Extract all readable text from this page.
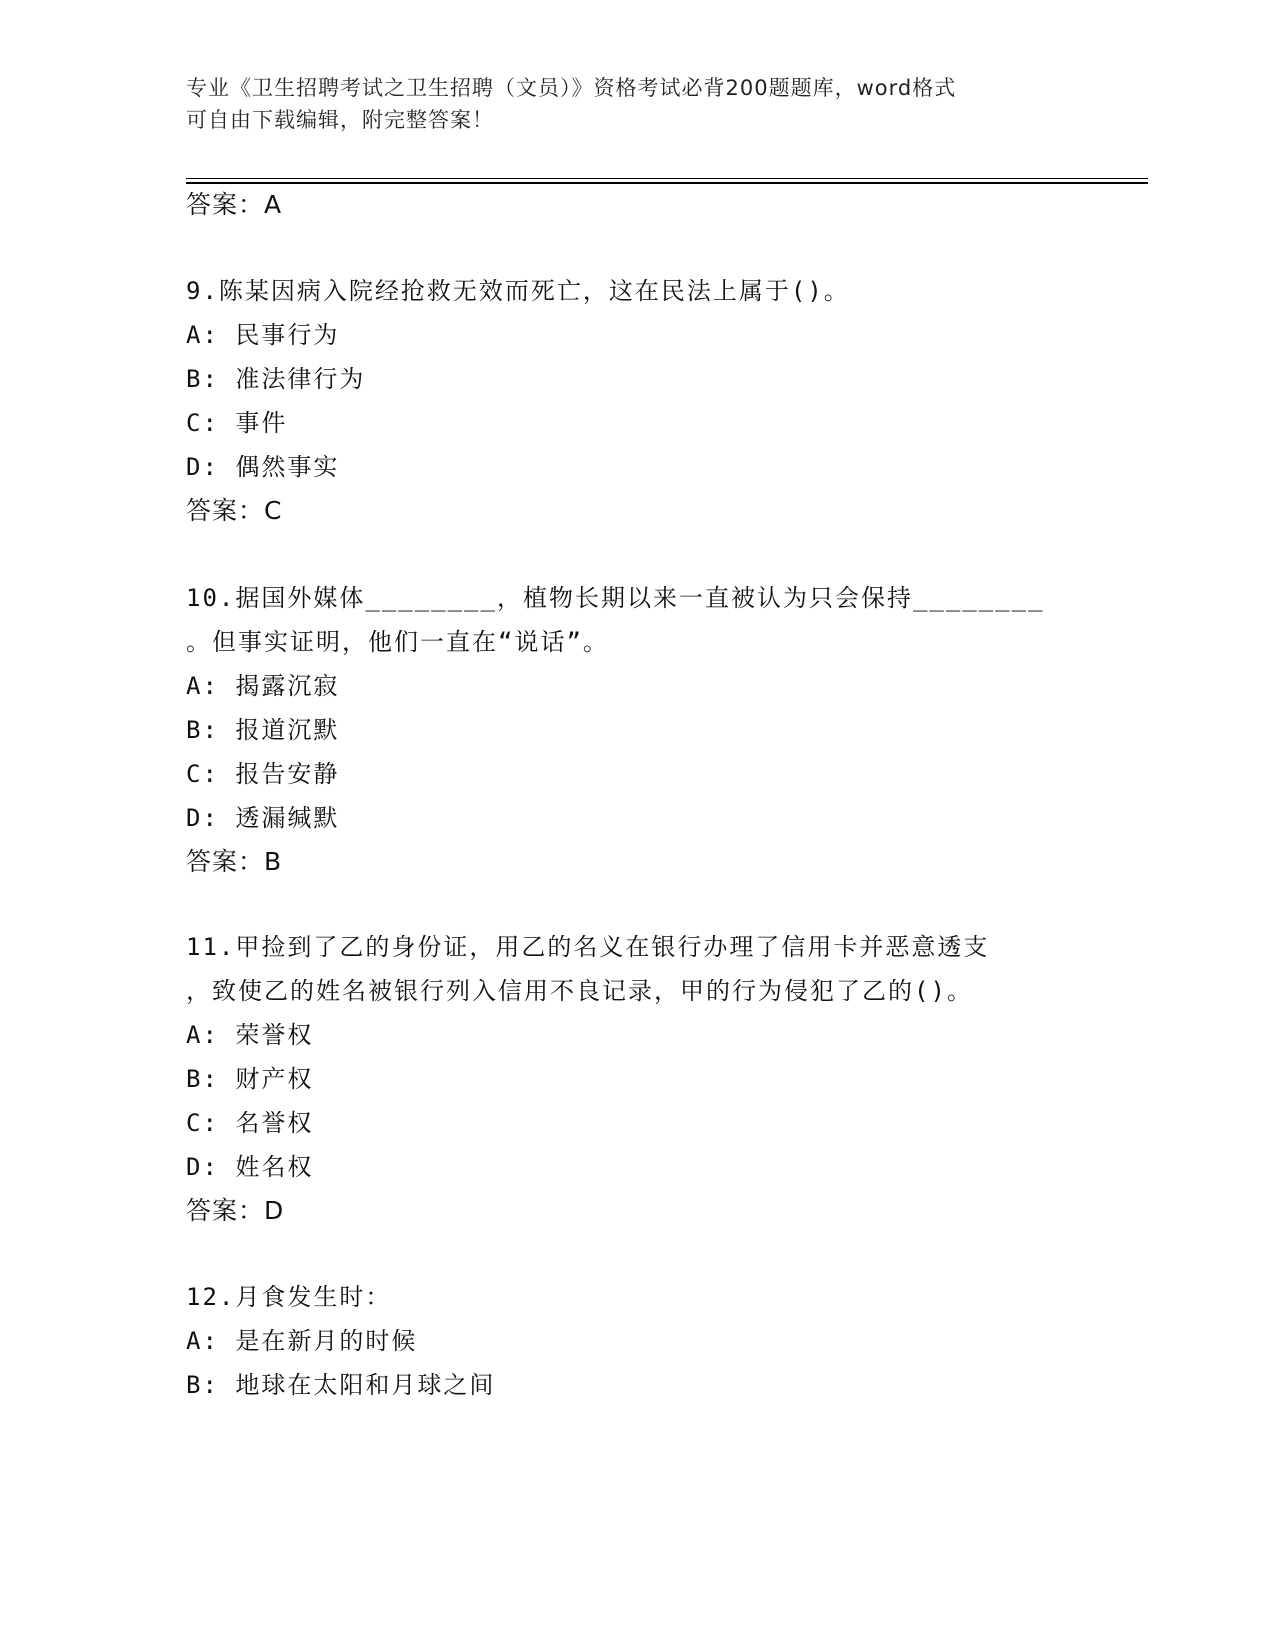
专业《卫生招聘考试之卫生招聘（文员）》资格考试必背200题题库，word格式
可自由下载编辑，附完整答案！
答案：A
9.陈某因病入院经抢救无效而死亡，这在民法上属于()。
A: 民事行为
B: 准法律行为
C: 事件
D: 偶然事实
答案：C
10.据国外媒体________，植物长期以来一直被认为只会保持________
。但事实证明，他们一直在“说话”。
A: 揭露沉寂
B: 报道沉默
C: 报告安静
D: 透漏缄默
答案：B
11.甲捡到了乙的身份证，用乙的名义在银行办理了信用卡并恶意透支
，致使乙的姓名被银行列入信用不良记录，甲的行为侵犯了乙的()。
A: 荣誉权
B: 财产权
C: 名誉权
D: 姓名权
答案：D
12.月食发生时：
A: 是在新月的时候
B: 地球在太阳和月球之间
